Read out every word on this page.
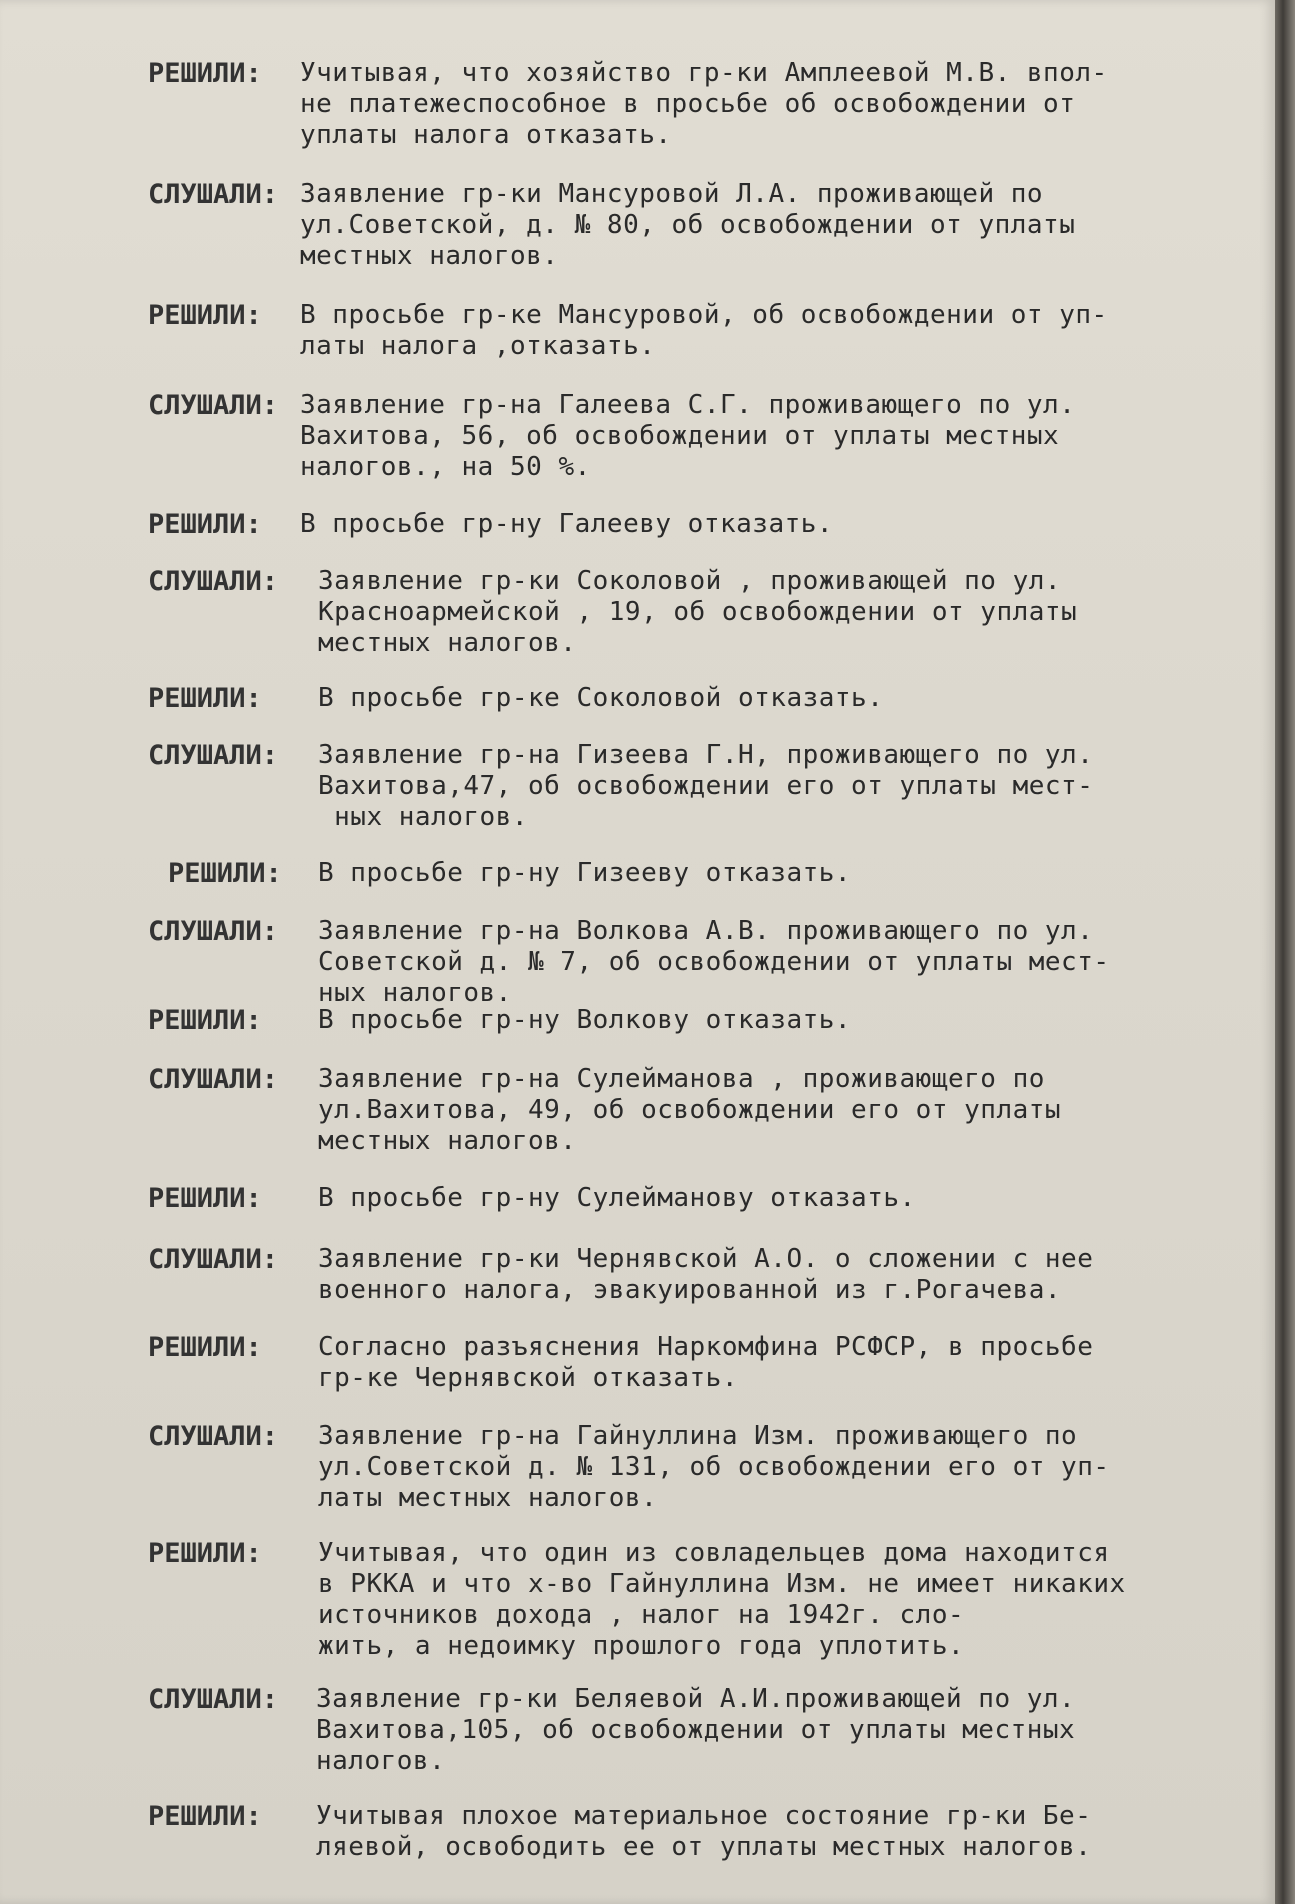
РЕШИЛИ: Учитывая, что хозяйство гр-ки Амплеевой М.В. впол-
не платежеспособное в просьбе об освобождении от
уплаты налога отказать.
СЛУШАЛИ: Заявление гр-ки Мансуровой Л.А. проживающей по
ул.Советской, д. № 80, об освобождении от уплаты
местных налогов.
РЕШИЛИ: В просьбе гр-ке Мансуровой, об освобождении от уп-
латы налога ,отказать.
СЛУШАЛИ: Заявление гр-на Галеева С.Г. проживающего по ул.
Вахитова, 56, об освобождении от уплаты местных
налогов., на 50 %.
РЕШИЛИ: В просьбе гр-ну Галееву отказать.
СЛУШАЛИ: Заявление гр-ки Соколовой , проживающей по ул.
Красноармейской , 19, об освобождении от уплаты
местных налогов.
РЕШИЛИ: В просьбе гр-ке Соколовой отказать.
СЛУШАЛИ: Заявление гр-на Гизеева Г.Н, проживающего по ул.
Вахитова,47, об освобождении его от уплаты мест-
ных налогов.
РЕШИЛИ: В просьбе гр-ну Гизееву отказать.
СЛУШАЛИ: Заявление гр-на Волкова А.В. проживающего по ул.
Советской д. № 7, об освобождении от уплаты мест-
ных налогов.
РЕШИЛИ: В просьбе гр-ну Волкову отказать.
СЛУШАЛИ: Заявление гр-на Сулейманова , проживающего по
ул.Вахитова, 49, об освобождении его от уплаты
местных налогов.
РЕШИЛИ: В просьбе гр-ну Сулейманову отказать.
СЛУШАЛИ: Заявление гр-ки Чернявской А.О. о сложении с нее
военного налога, эвакуированной из г.Рогачева.
РЕШИЛИ: Согласно разъяснения Наркомфина РСФСР, в просьбе
гр-ке Чернявской отказать.
СЛУШАЛИ: Заявление гр-на Гайнуллина Изм. проживающего по
ул.Советской д. № 131, об освобождении его от уп-
латы местных налогов.
РЕШИЛИ: Учитывая, что один из совладельцев дома находится
в РККА и что х-во Гайнуллина Изм. не имеет никаких
источников дохода , налог на 1942г. сло-
жить, а недоимку прошлого года уплотить.
СЛУШАЛИ: Заявление гр-ки Беляевой А.И.проживающей по ул.
Вахитова,105, об освобождении от уплаты местных
налогов.
РЕШИЛИ: Учитывая плохое материальное состояние гр-ки Бе-
ляевой, освободить ее от уплаты местных налогов.
